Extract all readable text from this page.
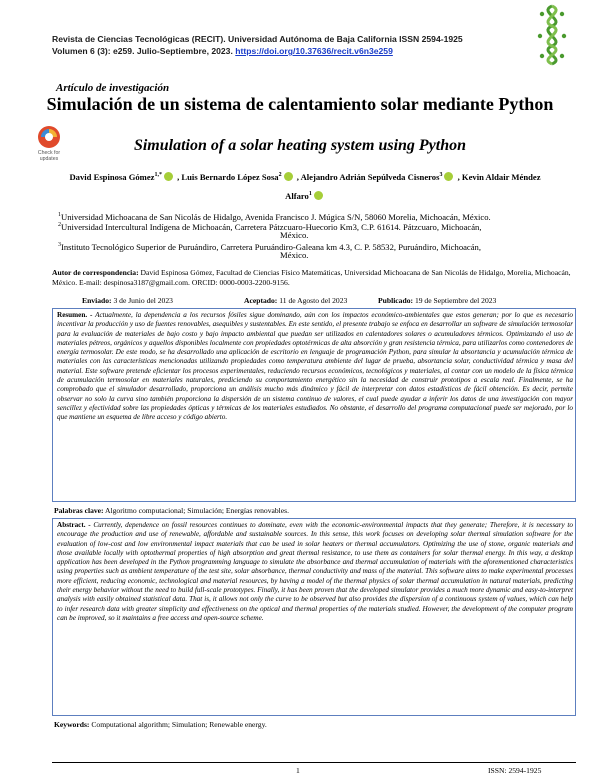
Revista de Ciencias Tecnológicas (RECIT). Universidad Autónoma de Baja California ISSN 2594-1925
Volumen 6 (3): e259. Julio-Septiembre, 2023. https://doi.org/10.37636/recit.v6n3e259
Artículo de investigación
Simulación de un sistema de calentamiento solar mediante Python
Simulation of a solar heating system using Python
Check for
updates
David Espinosa Gómez$^{1,*}$ , Luis Bernardo López Sosa$^2$ , Alejandro Adrián Sepúlveda Cisneros$^3$ , Kevin Aldair Méndez Alfaro$^1$
$^1$Universidad Michoacana de San Nicolás de Hidalgo, Avenida Francisco J. Múgica S/N, 58060 Morelia, Michoacán, México.
$^2$Universidad Intercultural Indígena de Michoacán, Carretera Pátzcuaro-Huecorio Km3, C.P. 61614. Pátzcuaro, Michoacán,
México.
$^3$Instituto Tecnológico Superior de Puruándiro, Carretera Puruándiro-Galeana km 4.3, C. P. 58532, Puruándiro, Michoacán,
México.
Autor de correspondencia: David Espinosa Gómez, Facultad de Ciencias Físico Matemáticas, Universidad Michoacana de San Nicolás de Hidalgo, Morelia, Michoacán, México. E-mail: despinosa3187@gmail.com. ORCID: 0000-0003-2200-9156.
Enviado: 3 de Junio del 2023	Aceptado: 11 de Agosto del 2023	Publicado: 19 de Septiembre del 2023
Resumen. - Actualmente, la dependencia a los recursos fósiles sigue dominando, aún con los impactos económico-ambientales que estos generan; por lo que es necesario incentivar la producción y uso de fuentes renovables, asequibles y sustentables. En este sentido, el presente trabajo se enfoca en desarrollar un software de simulación termosolar para la evaluación de materiales de bajo costo y bajo impacto ambiental que puedan ser utilizados en calentadores solares o acumuladores térmicos. Optimizando el uso de materiales pétreos, orgánicos y aquellos disponibles localmente con propiedades optotérmicas de alta absorción y gran resistencia térmica, para utilizarlos como contenedores de energía termosolar. De este modo, se ha desarrollado una aplicación de escritorio en lenguaje de programación Python, para simular la absortancia y acumulación térmica de materiales con las características mencionadas utilizando propiedades como temperatura ambiente del lugar de prueba, absortancia solar, conductividad térmica y masa del material. Este software pretende eficientar los procesos experimentales, reduciendo recursos económicos, tecnológicos y materiales, al contar con un modelo de la física térmica de acumulación termosolar en materiales naturales, prediciendo su comportamiento energético sin la necesidad de construir prototipos a escala real. Finalmente, se ha comprobado que el simulador desarrollado, proporciona un análisis mucho más dinámico y fácil de interpretar con datos estadísticos de fácil obtención. Es decir, permite observar no solo la curva sino también proporciona la dispersión de un sistema continuo de valores, el cual puede ayudar a inferir los datos de una investigación con mayor sencillez y efectividad sobre las propiedades ópticas y térmicas de los materiales estudiados. No obstante, el desarrollo del programa computacional puede ser mejorado, por lo que mantiene un esquema de libre acceso y código abierto.
Palabras clave: Algoritmo computacional; Simulación; Energías renovables.
Abstract. - Currently, dependence on fossil resources continues to dominate, even with the economic-environmental impacts that they generate; Therefore, it is necessary to encourage the production and use of renewable, affordable and sustainable sources. In this sense, this work focuses on developing solar thermal simulation software for the evaluation of low-cost and low environmental impact materials that can be used in solar heaters or thermal accumulators. Optimizing the use of stone, organic materials and those available locally with optothermal properties of high absorption and great thermal resistance, to use them as containers for solar thermal energy. In this way, a desktop application has been developed in the Python programming language to simulate the absorbance and thermal accumulation of materials with the aforementioned characteristics using properties such as ambient temperature of the test site, solar absorbance, thermal conductivity and mass of the material. This software aims to make experimental processes more efficient, reducing economic, technological and material resources, by having a model of the thermal physics of solar thermal accumulation in natural materials, predicting their energy behavior without the need to build full-scale prototypes. Finally, it has been proven that the developed simulator provides a much more dynamic and easy-to-interpret analysis with easily obtained statistical data. That is, it allows not only the curve to be observed but also provides the dispersion of a continuous system of values, which can help to infer research data with greater simplicity and effectiveness on the optical and thermal properties of the materials studied. However, the development of the computer program can be improved, so it maintains a free access and open-source scheme.
Keywords: Computational algorithm; Simulation; Renewable energy.
1	ISSN: 2594-1925
